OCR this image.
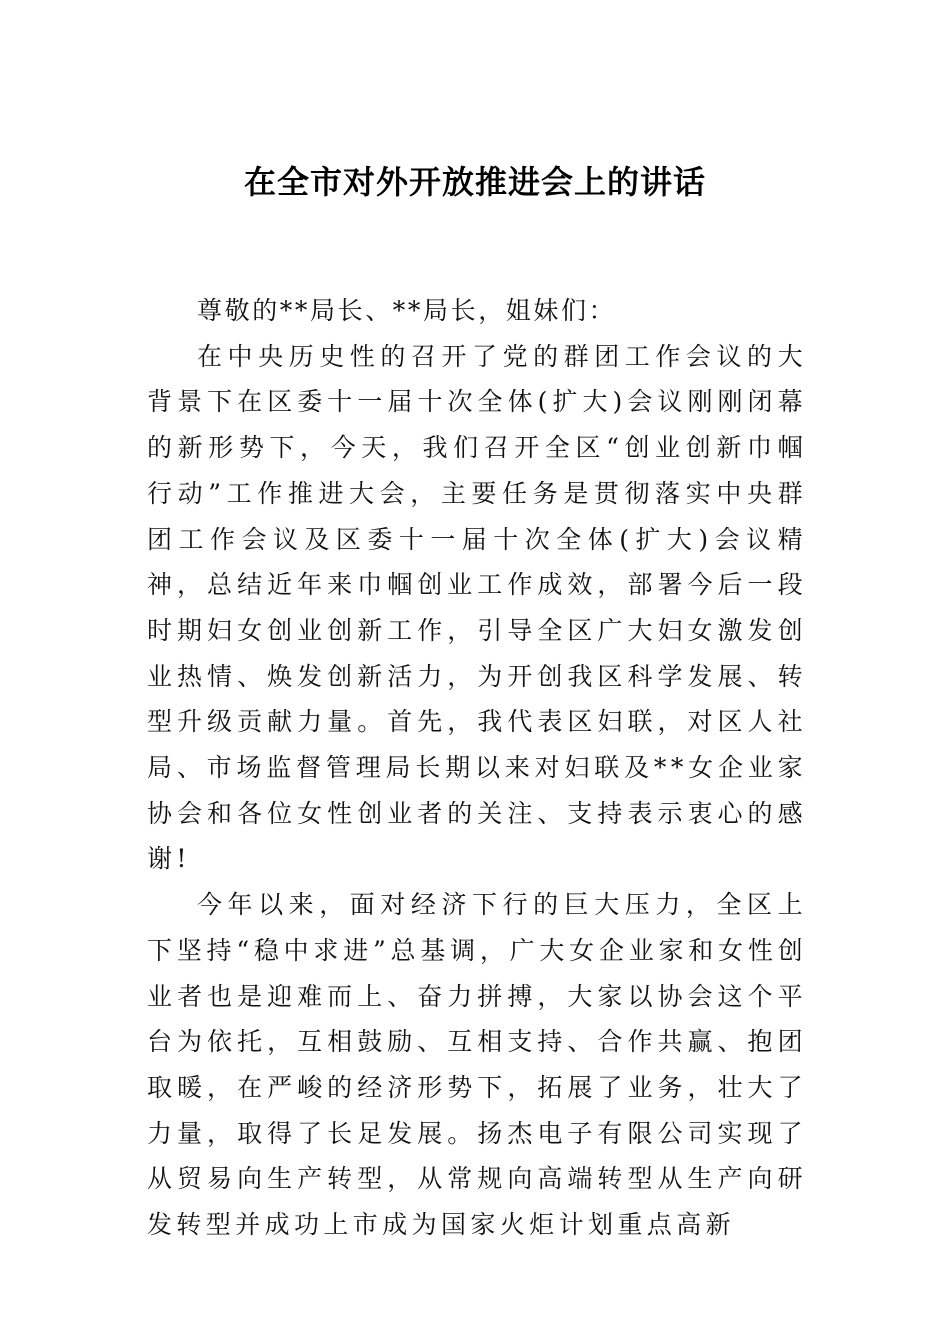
在全市对外开放推进会上的讲话

尊敬的**局长、**局长，姐妹们：

在中央历史性的召开了党的群团工作会议的大背景下在区委十一届十次全体(扩大)会议刚刚闭幕的新形势下，今天，我们召开全区“创业创新巾帼行动”工作推进大会，主要任务是贯彻落实中央群团工作会议及区委十一届十次全体(扩大)会议精神，总结近年来巾帼创业工作成效，部署今后一段时期妇女创业创新工作，引导全区广大妇女激发创业热情、焕发创新活力，为开创我区科学发展、转型升级贡献力量。首先，我代表区妇联，对区人社局、市场监督管理局长期以来对妇联及**女企业家协会和各位女性创业者的关注、支持表示衷心的感谢!

今年以来，面对经济下行的巨大压力，全区上下坚持“稳中求进”总基调，广大女企业家和女性创业者也是迎难而上、奋力拼搏，大家以协会这个平台为依托，互相鼓励、互相支持、合作共赢、抱团取暖，在严峻的经济形势下，拓展了业务，壮大了力量，取得了长足发展。扬杰电子有限公司实现了从贸易向生产转型，从常规向高端转型从生产向研发转型并成功上市成为国家火炬计划重点高新
